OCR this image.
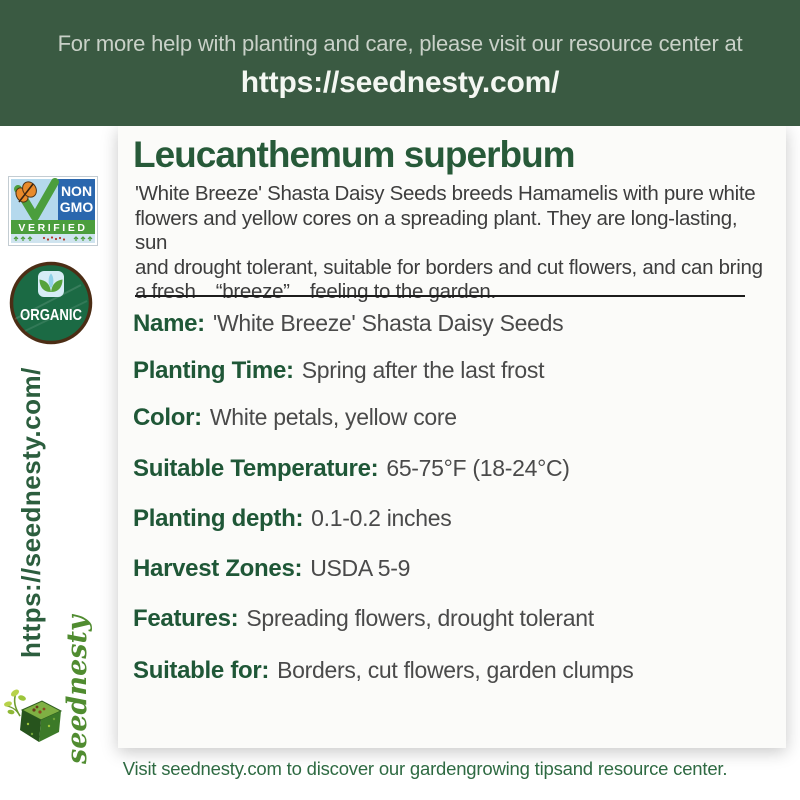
For more help with planting and care, please visit our resource center at
https://seednesty.com/
Leucanthemum superbum
'White Breeze' Shasta Daisy Seeds breeds Hamamelis with pure white
flowers and yellow cores on a spreading plant. They are long-lasting, sun
and drought tolerant, suitable for borders and cut flowers, and can bring
a fresh　“breeze”　feeling to the garden.
Name: 'White Breeze' Shasta Daisy Seeds
Planting Time: Spring after the last frost
Color: White petals, yellow core
Suitable Temperature: 65-75°F (18-24°C)
Planting depth: 0.1-0.2 inches
Harvest Zones: USDA 5-9
Features: Spreading flowers, drought tolerant
Suitable for: Borders, cut flowers, garden clumps
NON
GMO
VERIFIED
ORGANIC
https://seednesty.com/
seednesty
Visit seednesty.com to discover our gardengrowing tipsand resource center.
